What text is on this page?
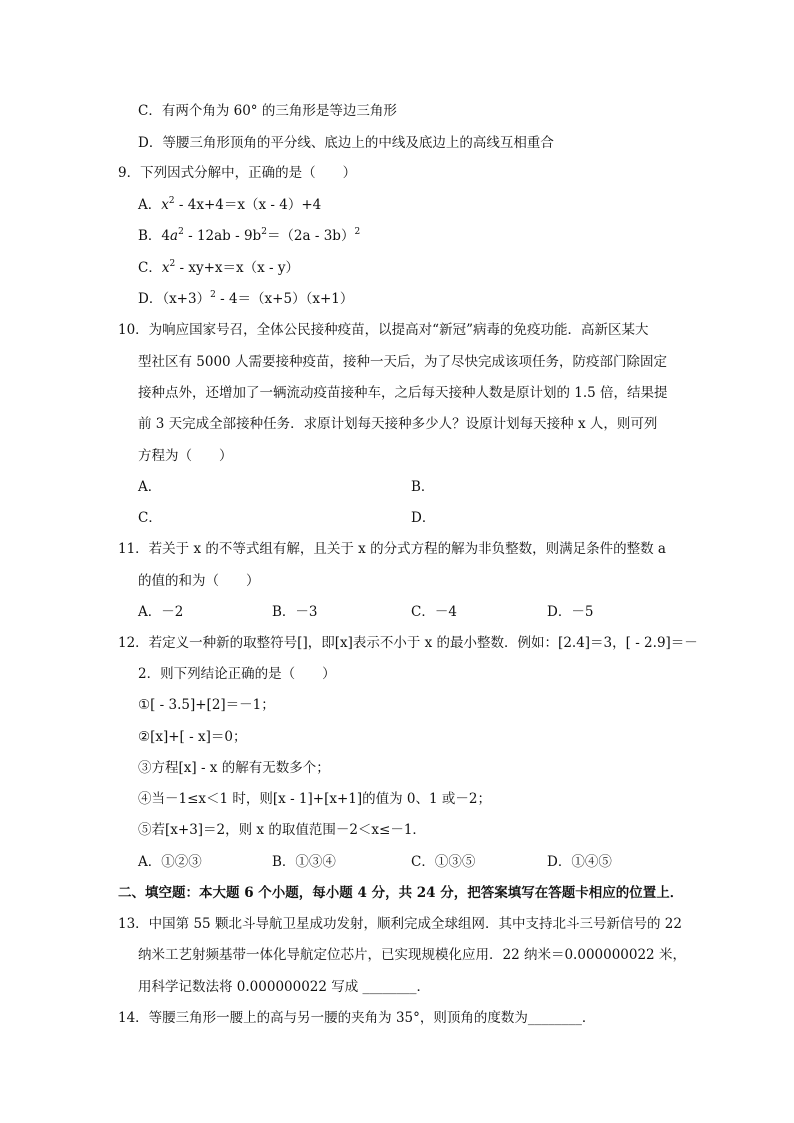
C．有两个角为 60° 的三角形是等边三角形
D．等腰三角形顶角的平分线、底边上的中线及底边上的高线互相重合
9．下列因式分解中，正确的是（　　）
A．$x^2 - 4x+4=x(x - 4)+4$
B．$4a^2 - 12ab - 9b^2=(2a - 3b)^2$
C．$x^2 - xy+x=x(x - y)$
D．$(x+3)^2 - 4=(x+5)(x+1)$
10．为响应国家号召，全体公民接种疫苗，以提高对“新冠”病毒的免疫功能．高新区某大
型社区有 5000 人需要接种疫苗，接种一天后，为了尽快完成该项任务，防疫部门除固定
接种点外，还增加了一辆流动疫苗接种车，之后每天接种人数是原计划的 1.5 倍，结果提
前 3 天完成全部接种任务．求原计划每天接种多少人？设原计划每天接种 x 人，则可列
方程为（　　）
A．	B．
C．	D．
11．若关于 x 的不等式组有解，且关于 x 的分式方程的解为非负整数，则满足条件的整数 a
的值的和为（　　）
A．－2	B．－3	C．－4	D．－5
12．若定义一种新的取整符号[]，即[x]表示不小于 x 的最小整数．例如：[2.4]＝3，[ - 2.9]＝－
2．则下列结论正确的是（　　）
①[ - 3.5]+[2]＝－1；
②[x]+[ - x]＝0；
③方程[x] - x 的解有无数多个；
④当－1≤x＜1 时，则[x - 1]+[x+1]的值为 0、1 或－2；
⑤若[x+3]＝2，则 x 的取值范围－2＜x≤－1．
A．①②③	B．①③④	C．①③⑤	D．①④⑤
二、填空题：本大题 6 个小题，每小题 4 分，共 24 分，把答案填写在答题卡相应的位置上．
13．中国第 55 颗北斗导航卫星成功发射，顺利完成全球组网．其中支持北斗三号新信号的 22
纳米工艺射频基带一体化导航定位芯片，已实现规模化应用．22 纳米＝0.000000022 米，
用科学记数法将 0.000000022 写成 ________．
14．等腰三角形一腰上的高与另一腰的夹角为 35°，则顶角的度数为________．
